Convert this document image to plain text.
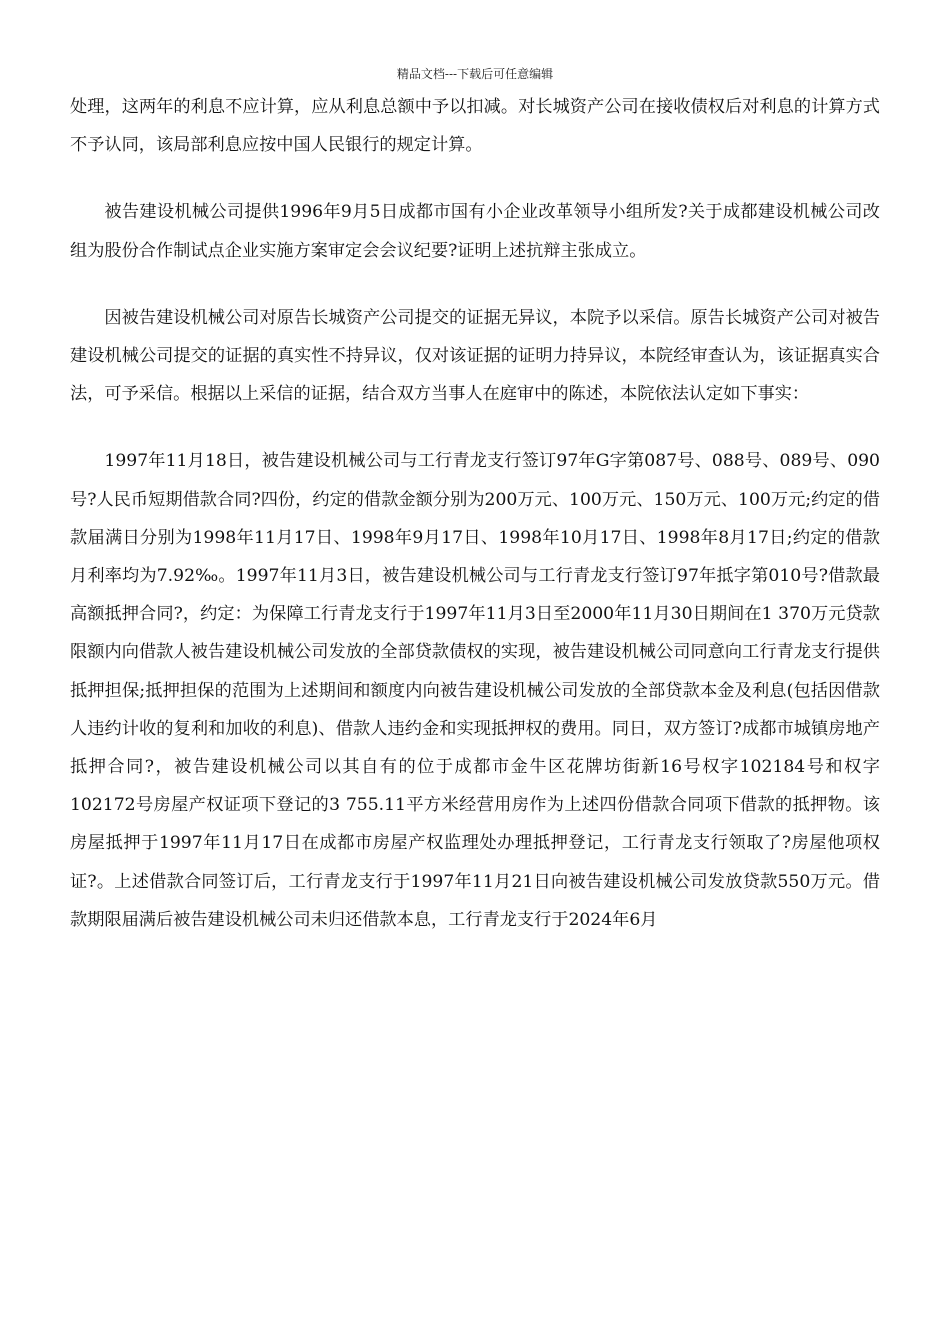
精品文档---下载后可任意编辑

处理，这两年的利息不应计算，应从利息总额中予以扣减。对长城资产公司在接收债权后对利息的计算方式不予认同，该局部利息应按中国人民银行的规定计算。

被告建设机械公司提供1996年9月5日成都市国有小企业改革领导小组所发?关于成都建设机械公司改组为股份合作制试点企业实施方案审定会会议纪要?证明上述抗辩主张成立。

因被告建设机械公司对原告长城资产公司提交的证据无异议，本院予以采信。原告长城资产公司对被告建设机械公司提交的证据的真实性不持异议，仅对该证据的证明力持异议，本院经审查认为，该证据真实合法，可予采信。根据以上采信的证据，结合双方当事人在庭审中的陈述，本院依法认定如下事实：

1997年11月18日，被告建设机械公司与工行青龙支行签订97年G字第087号、088号、089号、090号?人民币短期借款合同?四份，约定的借款金额分别为200万元、100万元、150万元、100万元;约定的借款届满日分别为1998年11月17日、1998年9月17日、1998年10月17日、1998年8月17日;约定的借款月利率均为7.92‰。1997年11月3日，被告建设机械公司与工行青龙支行签订97年抵字第010号?借款最高额抵押合同?，约定：为保障工行青龙支行于1997年11月3日至2000年11月30日期间在1 370万元贷款限额内向借款人被告建设机械公司发放的全部贷款债权的实现，被告建设机械公司同意向工行青龙支行提供抵押担保;抵押担保的范围为上述期间和额度内向被告建设机械公司发放的全部贷款本金及利息(包括因借款人违约计收的复利和加收的利息)、借款人违约金和实现抵押权的费用。同日，双方签订?成都市城镇房地产抵押合同?，被告建设机械公司以其自有的位于成都市金牛区花牌坊街新16号权字102184号和权字102172号房屋产权证项下登记的3 755.11平方米经营用房作为上述四份借款合同项下借款的抵押物。该房屋抵押于1997年11月17日在成都市房屋产权监理处办理抵押登记，工行青龙支行领取了?房屋他项权证?。上述借款合同签订后，工行青龙支行于1997年11月21日向被告建设机械公司发放贷款550万元。借款期限届满后被告建设机械公司未归还借款本息，工行青龙支行于2024年6月
